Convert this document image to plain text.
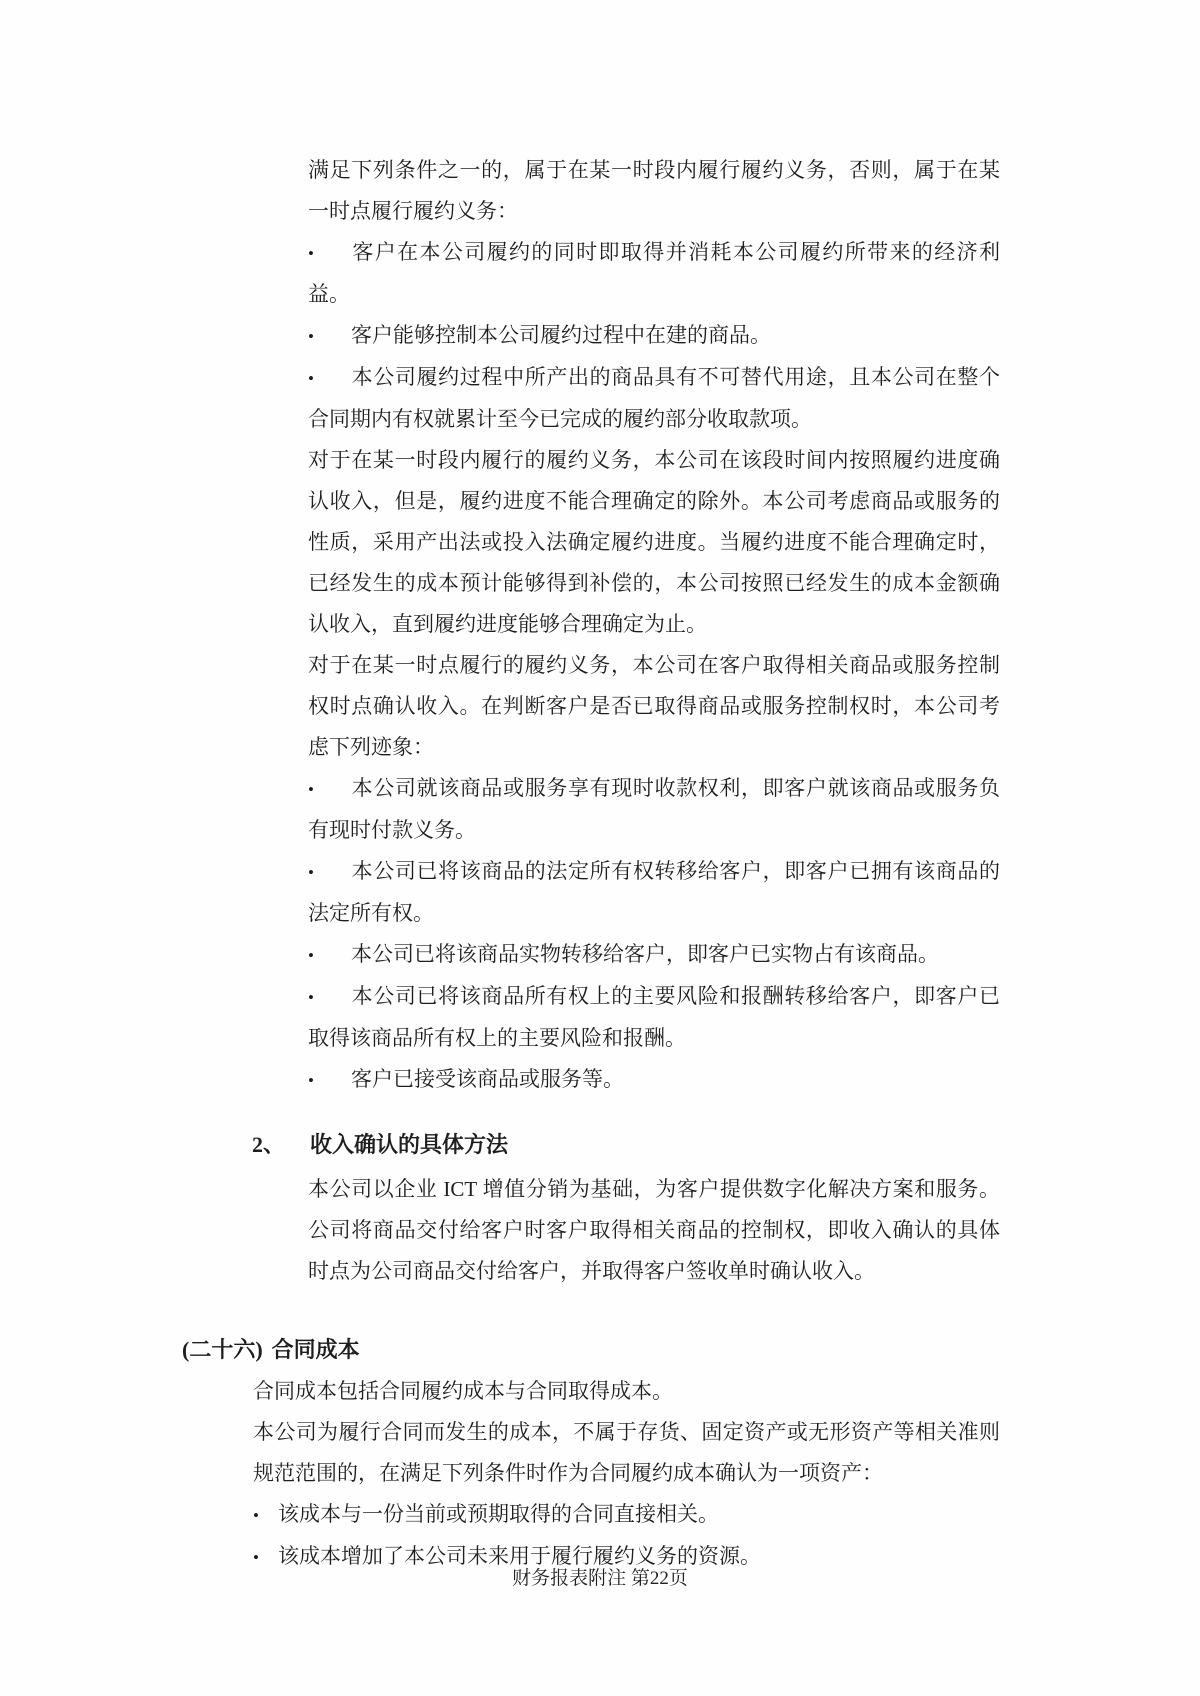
满足下列条件之一的，属于在某一时段内履行履约义务，否则，属于在某一时点履行履约义务：

• 客户在本公司履约的同时即取得并消耗本公司履约所带来的经济利益。

• 客户能够控制本公司履约过程中在建的商品。

• 本公司履约过程中所产出的商品具有不可替代用途，且本公司在整个合同期内有权就累计至今已完成的履约部分收取款项。

对于在某一时段内履行的履约义务，本公司在该段时间内按照履约进度确认收入，但是，履约进度不能合理确定的除外。本公司考虑商品或服务的性质，采用产出法或投入法确定履约进度。当履约进度不能合理确定时，已经发生的成本预计能够得到补偿的，本公司按照已经发生的成本金额确认收入，直到履约进度能够合理确定为止。

对于在某一时点履行的履约义务，本公司在客户取得相关商品或服务控制权时点确认收入。在判断客户是否已取得商品或服务控制权时，本公司考虑下列迹象：

• 本公司就该商品或服务享有现时收款权利，即客户就该商品或服务负有现时付款义务。

• 本公司已将该商品的法定所有权转移给客户，即客户已拥有该商品的法定所有权。

• 本公司已将该商品实物转移给客户，即客户已实物占有该商品。

• 本公司已将该商品所有权上的主要风险和报酬转移给客户，即客户已取得该商品所有权上的主要风险和报酬。

• 客户已接受该商品或服务等。

2、 收入确认的具体方法

本公司以企业 ICT 增值分销为基础，为客户提供数字化解决方案和服务。公司将商品交付给客户时客户取得相关商品的控制权，即收入确认的具体时点为公司商品交付给客户，并取得客户签收单时确认收入。

(二十六) 合同成本

合同成本包括合同履约成本与合同取得成本。

本公司为履行合同而发生的成本，不属于存货、固定资产或无形资产等相关准则规范范围的，在满足下列条件时作为合同履约成本确认为一项资产：

• 该成本与一份当前或预期取得的合同直接相关。

• 该成本增加了本公司未来用于履行履约义务的资源。

财务报表附注 第22页
